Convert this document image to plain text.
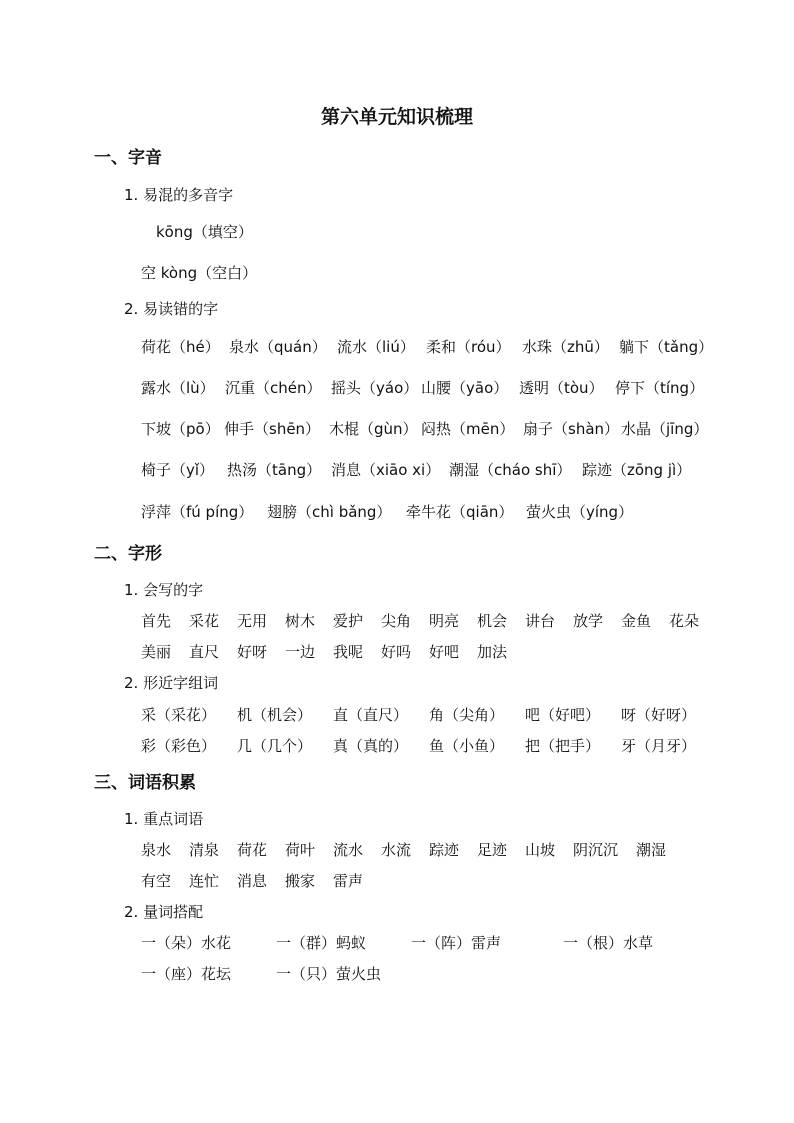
第六单元知识梳理
一、字音
1. 易混的多音字
kōng（填空）
空 kòng（空白）
2. 易读错的字
荷花（hé） 泉水（quán） 流水（liú） 柔和（róu） 水珠（zhū） 躺下（tǎng）
露水（lù） 沉重（chén） 摇头（yáo） 山腰（yāo） 透明（tòu） 停下（tíng）
下坡（pō） 伸手（shēn） 木棍（gùn） 闷热（mēn） 扇子（shàn） 水晶（jīng）
椅子（yǐ） 热汤（tāng） 消息（xiāo xi） 潮湿（cháo shī） 踪迹（zōng jì）
浮萍（fú píng） 翅膀（chì bǎng） 牵牛花（qiān） 萤火虫（yíng）
二、字形
1. 会写的字
首先 采花 无用 树木 爱护 尖角 明亮 机会 讲台 放学 金鱼 花朵
美丽 直尺 好呀 一边 我呢 好吗 好吧 加法
2. 形近字组词
采（采花） 机（机会） 直（直尺） 角（尖角） 吧（好吧） 呀（好呀）
彩（彩色） 几（几个） 真（真的） 鱼（小鱼） 把（把手） 牙（月牙）
三、词语积累
1. 重点词语
泉水 清泉 荷花 荷叶 流水 水流 踪迹 足迹 山坡 阴沉沉 潮湿
有空 连忙 消息 搬家 雷声
2. 量词搭配
一（朵）水花	一（群）蚂蚁	一（阵）雷声	一（根）水草
一（座）花坛	一（只）萤火虫
